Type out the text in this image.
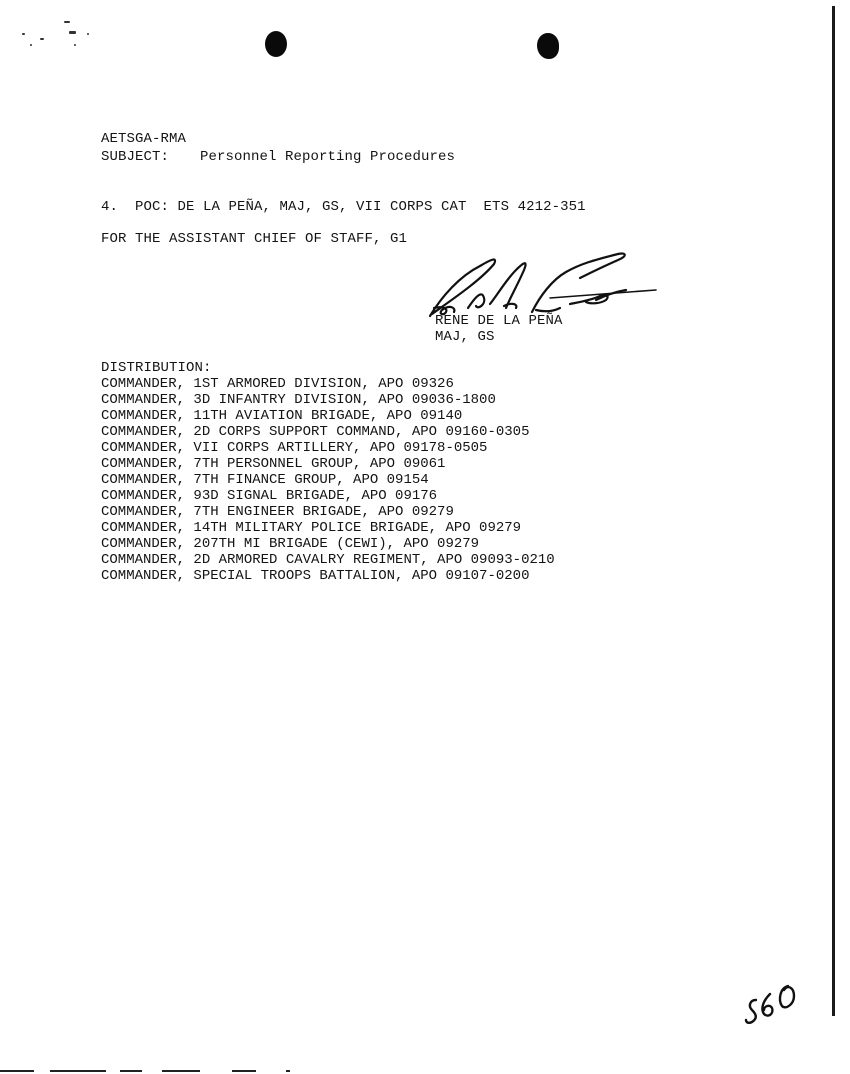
AETSGA-RMA
SUBJECT: Personnel Reporting Procedures
4.  POC: DE LA PEÑA, MAJ, GS, VII CORPS CAT  ETS 4212-351
FOR THE ASSISTANT CHIEF OF STAFF, G1
RENE DE LA PEÑA
MAJ, GS
DISTRIBUTION:
COMMANDER, 1ST ARMORED DIVISION, APO 09326
COMMANDER, 3D INFANTRY DIVISION, APO 09036-1800
COMMANDER, 11TH AVIATION BRIGADE, APO 09140
COMMANDER, 2D CORPS SUPPORT COMMAND, APO 09160-0305
COMMANDER, VII CORPS ARTILLERY, APO 09178-0505
COMMANDER, 7TH PERSONNEL GROUP, APO 09061
COMMANDER, 7TH FINANCE GROUP, APO 09154
COMMANDER, 93D SIGNAL BRIGADE, APO 09176
COMMANDER, 7TH ENGINEER BRIGADE, APO 09279
COMMANDER, 14TH MILITARY POLICE BRIGADE, APO 09279
COMMANDER, 207TH MI BRIGADE (CEWI), APO 09279
COMMANDER, 2D ARMORED CAVALRY REGIMENT, APO 09093-0210
COMMANDER, SPECIAL TROOPS BATTALION, APO 09107-0200
